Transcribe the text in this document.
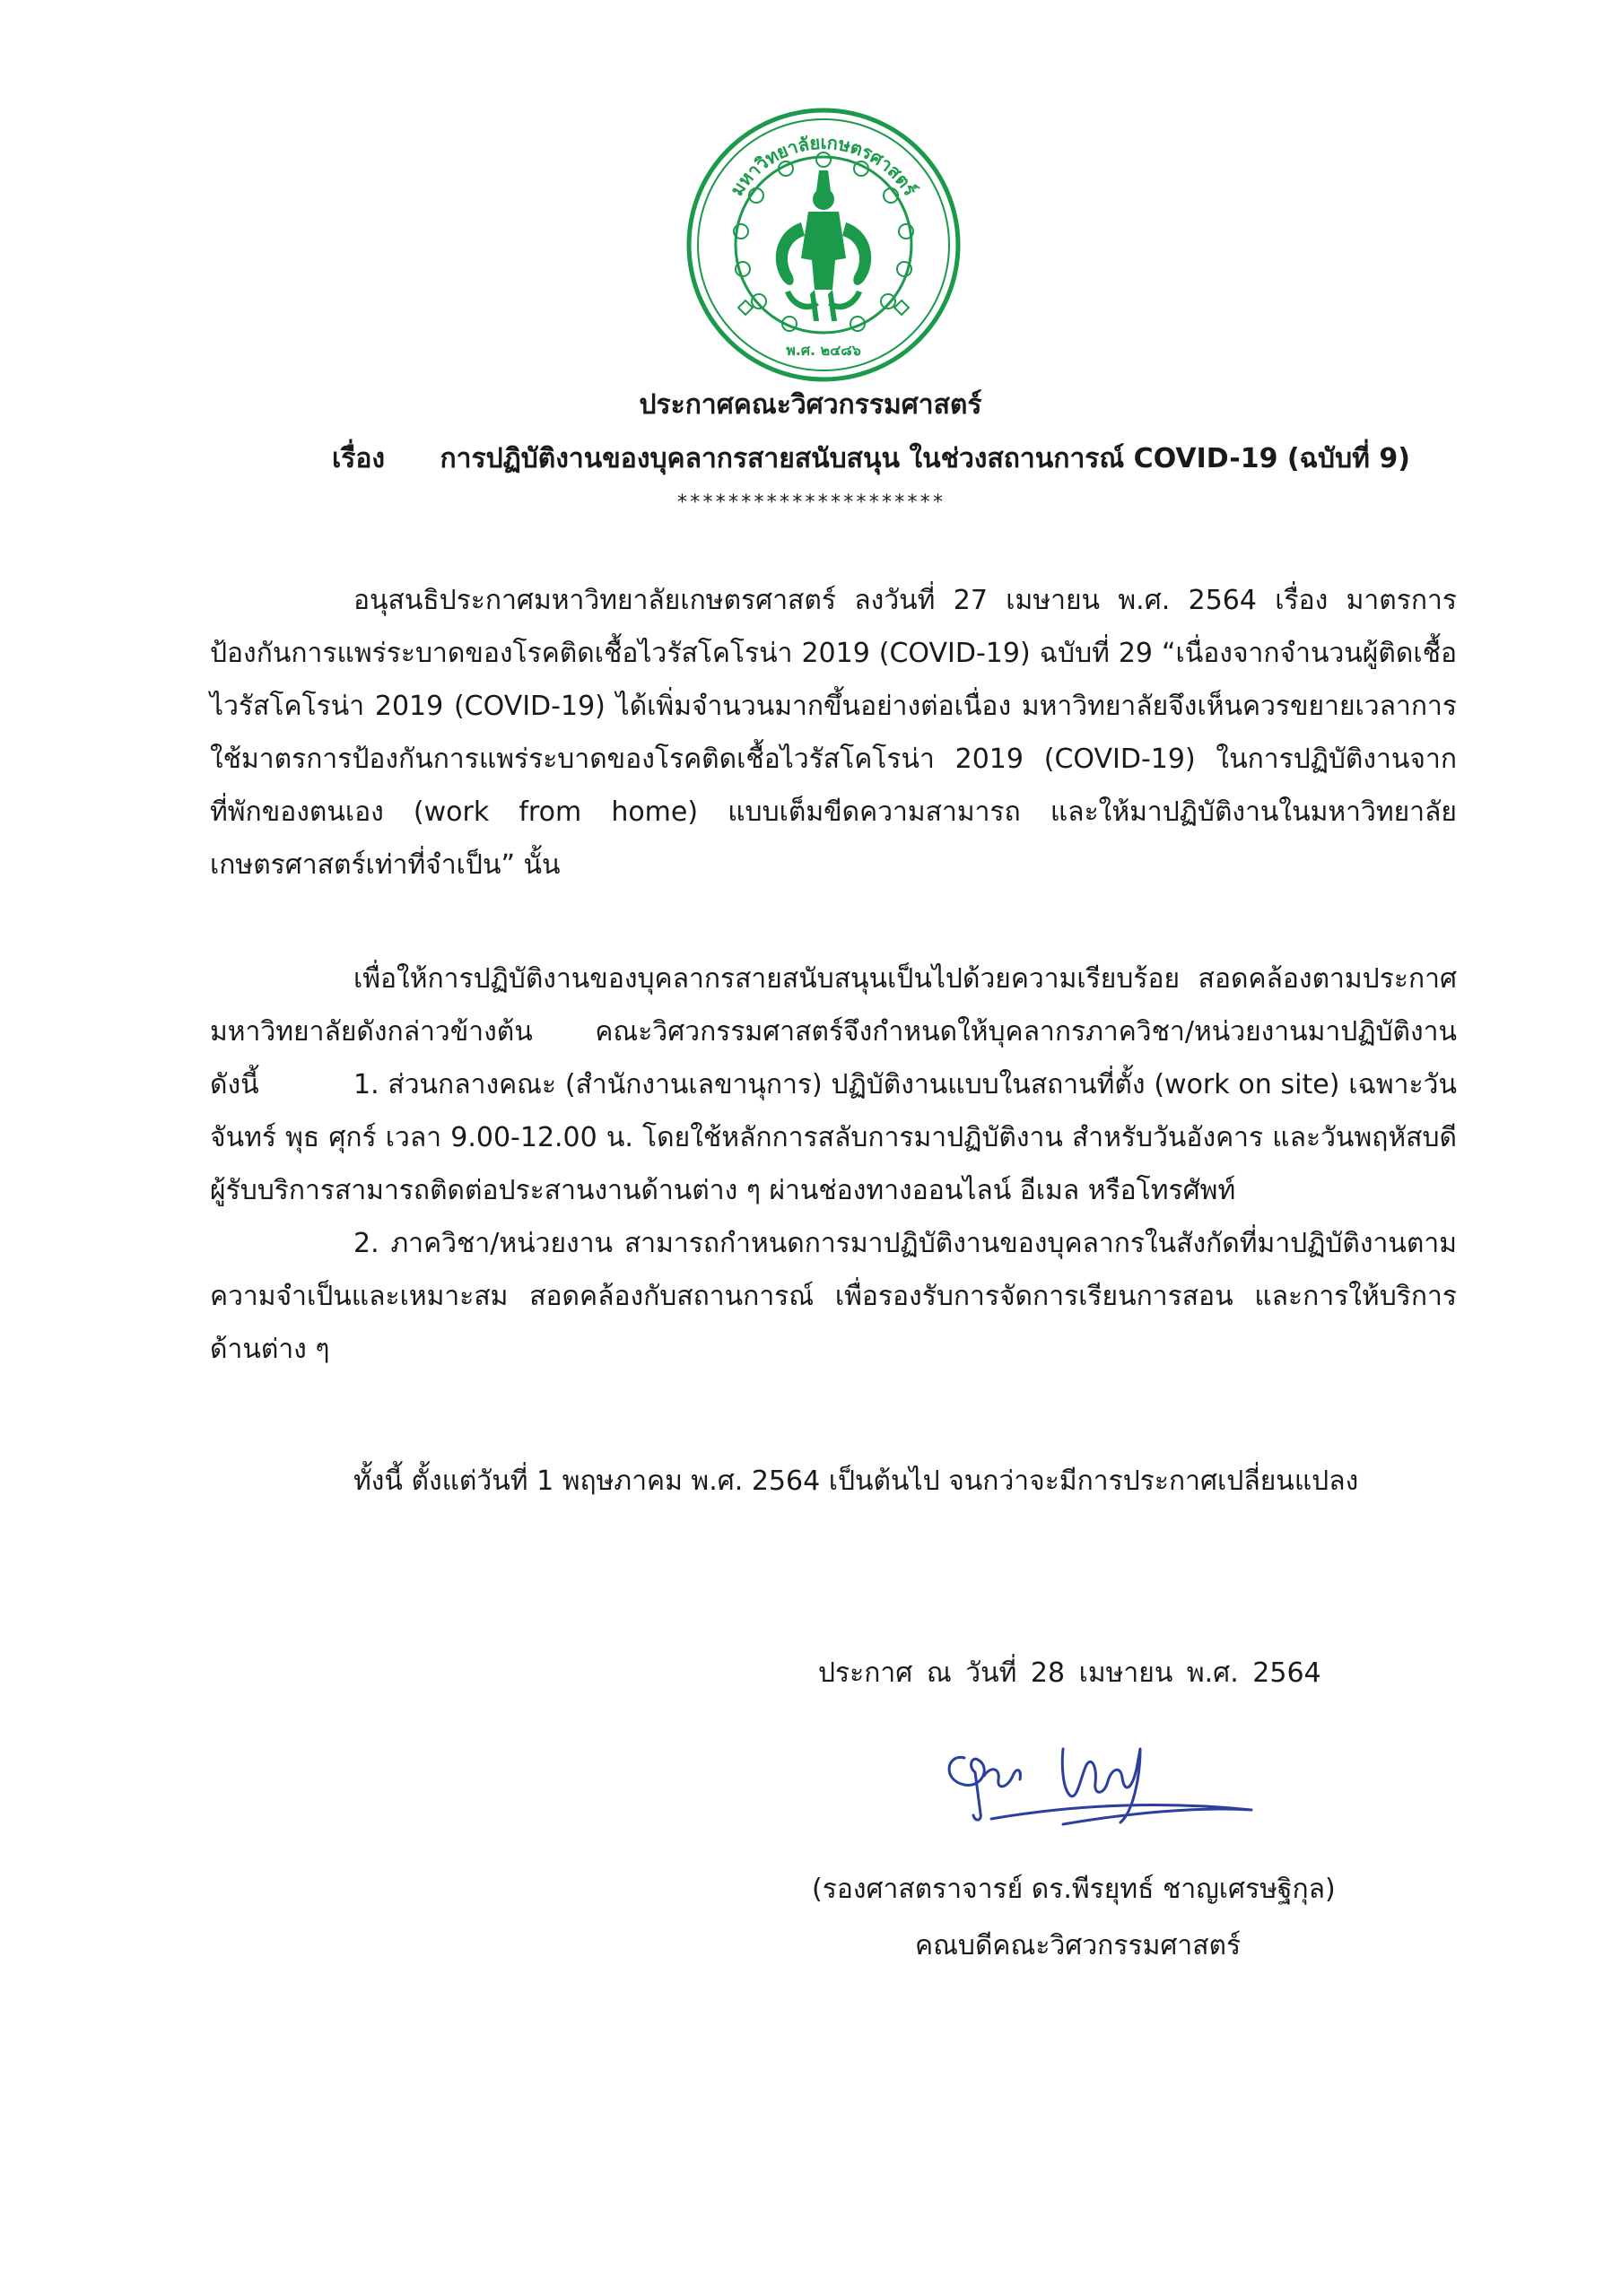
มหาวิทยาลัยเกษตรศาสตร์
พ.ศ. ๒๔๘๖
ประกาศคณะวิศวกรรมศาสตร์
เรื่อง การปฏิบัติงานของบุคลากรสายสนับสนุน ในช่วงสถานการณ์ COVID-19 (ฉบับที่ 9)
*********************

อนุสนธิประกาศมหาวิทยาลัยเกษตรศาสตร์ ลงวันที่ 27 เมษายน พ.ศ. 2564 เรื่อง มาตรการป้องกันการแพร่ระบาดของโรคติดเชื้อไวรัสโคโรน่า 2019 (COVID-19) ฉบับที่ 29 “เนื่องจากจำนวนผู้ติดเชื้อไวรัสโคโรน่า 2019 (COVID-19) ได้เพิ่มจำนวนมากขึ้นอย่างต่อเนื่อง มหาวิทยาลัยจึงเห็นควรขยายเวลาการใช้มาตรการป้องกันการแพร่ระบาดของโรคติดเชื้อไวรัสโคโรน่า 2019 (COVID-19) ในการปฏิบัติงานจากที่พักของตนเอง (work from home) แบบเต็มขีดความสามารถ และให้มาปฏิบัติงานในมหาวิทยาลัยเกษตรศาสตร์เท่าที่จำเป็น” นั้น

เพื่อให้การปฏิบัติงานของบุคลากรสายสนับสนุนเป็นไปด้วยความเรียบร้อย สอดคล้องตามประกาศมหาวิทยาลัยดังกล่าวข้างต้น คณะวิศวกรรมศาสตร์จึงกำหนดให้บุคลากรภาควิชา/หน่วยงานมาปฏิบัติงาน ดังนี้	1. ส่วนกลางคณะ (สำนักงานเลขานุการ) ปฏิบัติงานแบบในสถานที่ตั้ง (work on site) เฉพาะวันจันทร์ พุธ ศุกร์ เวลา 9.00-12.00 น. โดยใช้หลักการสลับการมาปฏิบัติงาน สำหรับวันอังคาร และวันพฤหัสบดี ผู้รับบริการสามารถติดต่อประสานงานด้านต่าง ๆ ผ่านช่องทางออนไลน์ อีเมล หรือโทรศัพท์

2. ภาควิชา/หน่วยงาน สามารถกำหนดการมาปฏิบัติงานของบุคลากรในสังกัดที่มาปฏิบัติงานตามความจำเป็นและเหมาะสม สอดคล้องกับสถานการณ์ เพื่อรองรับการจัดการเรียนการสอน และการให้บริการด้านต่าง ๆ

ทั้งนี้ ตั้งแต่วันที่ 1 พฤษภาคม พ.ศ. 2564 เป็นต้นไป จนกว่าจะมีการประกาศเปลี่ยนแปลง

ประกาศ ณ วันที่ 28 เมษายน พ.ศ. 2564
(รองศาสตราจารย์ ดร.พีรยุทธ์ ชาญเศรษฐิกุล)
คณบดีคณะวิศวกรรมศาสตร์
